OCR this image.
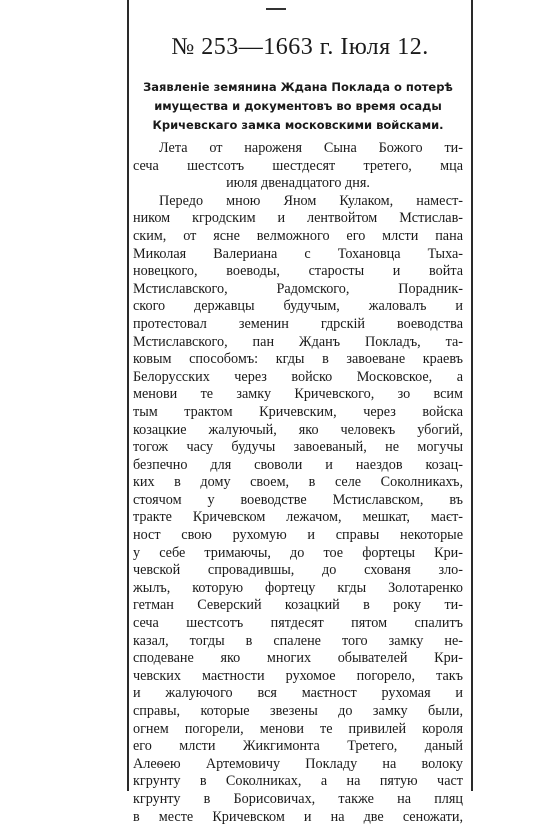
№ 253—1663 г. Іюля 12.
Заявленіе земянина Ждана Поклада о потерѣ
имущества и документовъ во время осады
Кричевскаго замка московскими войсками.
Лета от нароженя Сына Божого ти-
сеча шестсотъ шестдесят третего, мца
июля двенадцатого дня.
Передо мною Яном Кулаком, намест-
ником кгродским и лентвойтом Мстислав-
ским, от ясне велможного его млсти пана
Миколая Валериана с Тохановца Тыха-
новецкого, воеводы, старосты и войта
Мстиславского, Радомского, Порадник-
ского державцы будучым, жаловалъ и
протестовал земенин гдрскій воеводства
Мстиславского, пан Жданъ Покладъ, та-
ковым способомъ: кгды в завоеване краевъ
Белорусских через войско Московское, а
менови те замку Кричевского, зо всим
тым трактом Кричевским, через войска
козацкие жалуючый, яко человекъ убогий,
тогож часу будучы завоеваный, не могучы
безпечно для своволи и наездов козац-
ких в дому своем, в селе Соколникахъ,
стоячом у воеводстве Мстиславском, въ
тракте Кричевском лежачом, мешкат, маєт-
ност свою рухомую и справы некоторые
у себе тримаючы, до тое фортецы Кри-
чевской спровадившы, до схованя зло-
жылъ, которую фортецу кгды Золотаренко
гетман Северский козацкий в року ти-
сеча шестсотъ пятдесят пятом спалитъ
казал, тогды в спалене того замку не-
сподеване яко многих обывателей Кри-
чевских маєтности рухомое погорело, такъ
и жалуючого вся маєтност рухомая и
справы, которые звезены до замку были,
огнем погорели, менови те привилей короля
его млсти Жикгимонта Третего, даный
Алеѳею Артемовичу Покладу на волоку
кгрунту в Соколниках, а на пятую част
кгрунту в Борисовичах, также на пляц
в месте Кричевском и на две сеножати,
